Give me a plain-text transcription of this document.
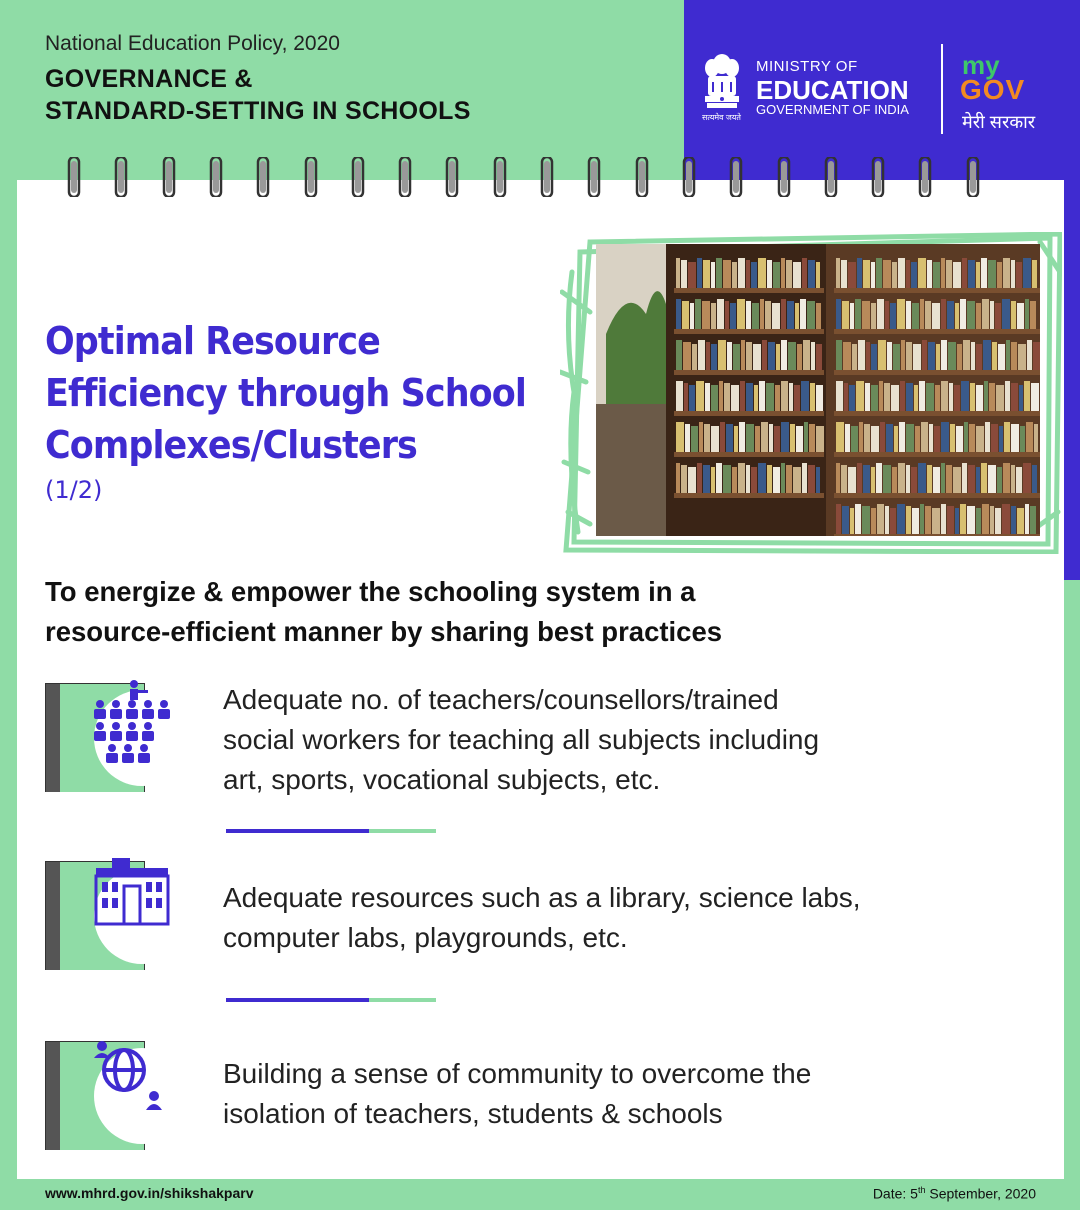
National Education Policy, 2020
GOVERNANCE &
STANDARD-SETTING IN SCHOOLS	सत्यमेव जयते
MINISTRY OF
EDUCATION
GOVERNMENT OF INDIA
my
GOV
मेरी सरकार
Optimal Resource
Efficiency through School
Complexes/Clusters
(1/2)
To energize & empower the schooling system in a
resource-efficient manner by sharing best practices
Adequate no. of teachers/counsellors/trained
social workers for teaching all subjects including
art, sports, vocational subjects, etc.
Adequate resources such as a library, science labs,
computer labs, playgrounds, etc.
Building a sense of community to overcome the
isolation of teachers, students & schools
www.mhrd.gov.in/shikshakparv	Date: 5th September, 2020
